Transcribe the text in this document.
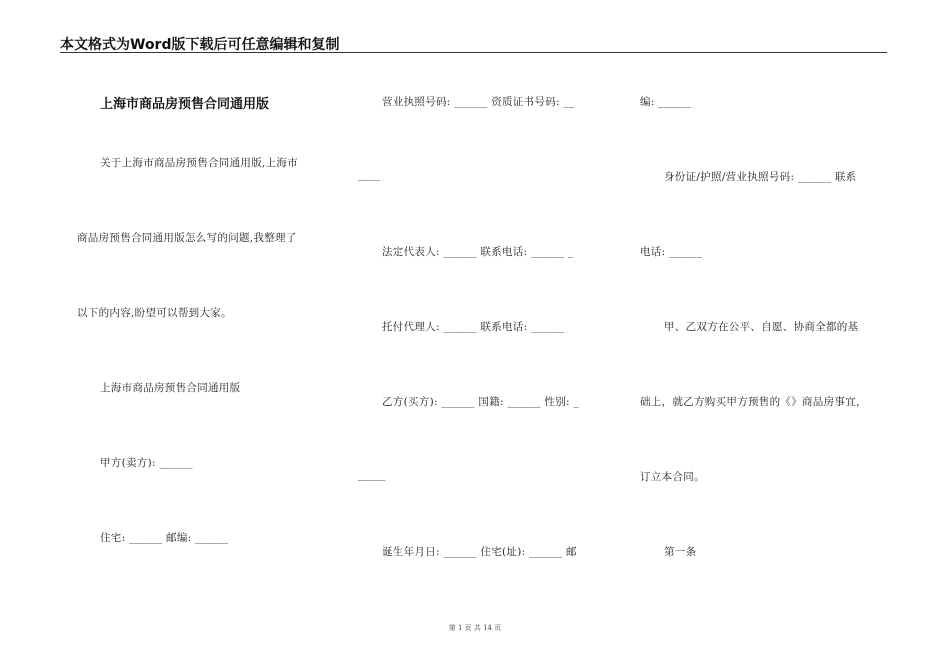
本文格式为Word版下载后可任意编辑和复制
上海市商品房预售合同通用版
关于上海市商品房预售合同通用版,上海市
商品房预售合同通用版怎么写的问题,我整理了
以下的内容,盼望可以帮到大家。
上海市商品房预售合同通用版
甲方(卖方): ______
住宅: ______ 邮编: ______
营业执照号码: ______ 资质证书号码: __
____
法定代表人: ______ 联系电话: ______ _
托付代理人: ______ 联系电话: ______
乙方(买方): ______ 国籍: ______ 性别: _
_____
诞生年月日: ______ 住宅(址): ______ 邮
编: ______
身份证/护照/营业执照号码: ______ 联系
电话: ______
甲、乙双方在公平、自愿、协商全都的基
础上，就乙方购买甲方预售的《》商品房事宜，
订立本合同。
第一条
第 1 页 共 14 页
